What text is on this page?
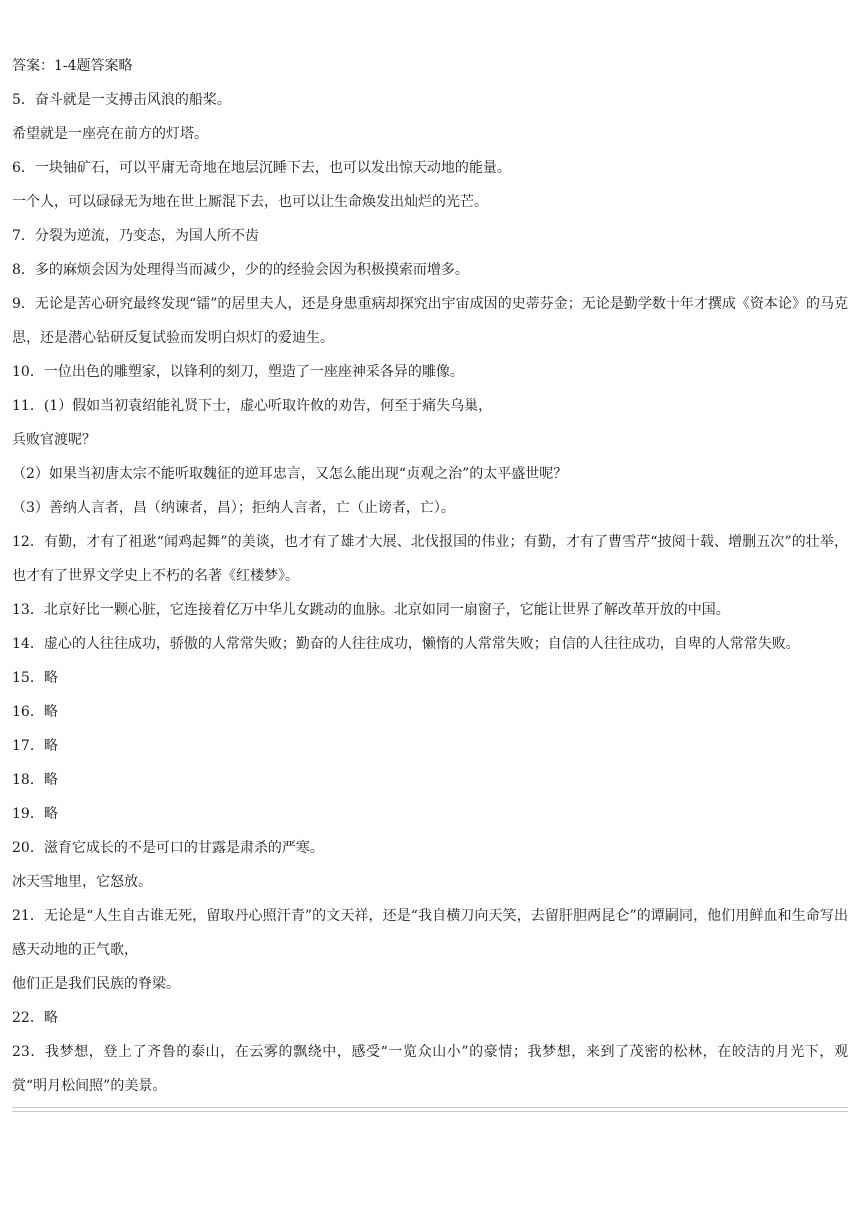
答案：1-4题答案略
5．奋斗就是一支搏击风浪的船桨。
希望就是一座亮在前方的灯塔。
6．一块铀矿石，可以平庸无奇地在地层沉睡下去，也可以发出惊天动地的能量。
一个人，可以碌碌无为地在世上厮混下去，也可以让生命焕发出灿烂的光芒。
7．分裂为逆流，乃变态，为国人所不齿
8．多的麻烦会因为处理得当而减少，少的的经验会因为积极摸索而增多。
9．无论是苦心研究最终发现“镭”的居里夫人，还是身患重病却探究出宇宙成因的史蒂芬金；无论是勤学数十年才撰成《资本论》的马克思，还是潜心钻研反复试验而发明白炽灯的爱迪生。
10．一位出色的雕塑家，以锋利的刻刀，塑造了一座座神采各异的雕像。
11．(1）假如当初袁绍能礼贤下士，虚心听取许攸的劝告，何至于痛失乌巢，
兵败官渡呢？
（2）如果当初唐太宗不能听取魏征的逆耳忠言，又怎么能出现“贞观之治”的太平盛世呢？
（3）善纳人言者，昌（纳谏者，昌）；拒纳人言者，亡（止谤者，亡）。
12．有勤，才有了祖逖“闻鸡起舞”的美谈，也才有了雄才大展、北伐报国的伟业；有勤，才有了曹雪芹“披阅十载、增删五次”的壮举，也才有了世界文学史上不朽的名著《红楼梦》。
13．北京好比一颗心脏，它连接着亿万中华儿女跳动的血脉。北京如同一扇窗子，它能让世界了解改革开放的中国。
14．虚心的人往往成功，骄傲的人常常失败；勤奋的人往往成功，懒惰的人常常失败；自信的人往往成功，自卑的人常常失败。
15．略
16．略
17．略
18．略
19．略
20．滋育它成长的不是可口的甘露是肃杀的严寒。
冰天雪地里，它怒放。
21．无论是“人生自古谁无死，留取丹心照汗青”的文天祥，还是“我自横刀向天笑，去留肝胆两昆仑”的谭嗣同，他们用鲜血和生命写出感天动地的正气歌，
他们正是我们民族的脊梁。
22．略
23．我梦想，登上了齐鲁的泰山，在云雾的飘绕中，感受“一览众山小”的豪情；我梦想，来到了茂密的松林，在皎洁的月光下，观赏“明月松间照”的美景。
